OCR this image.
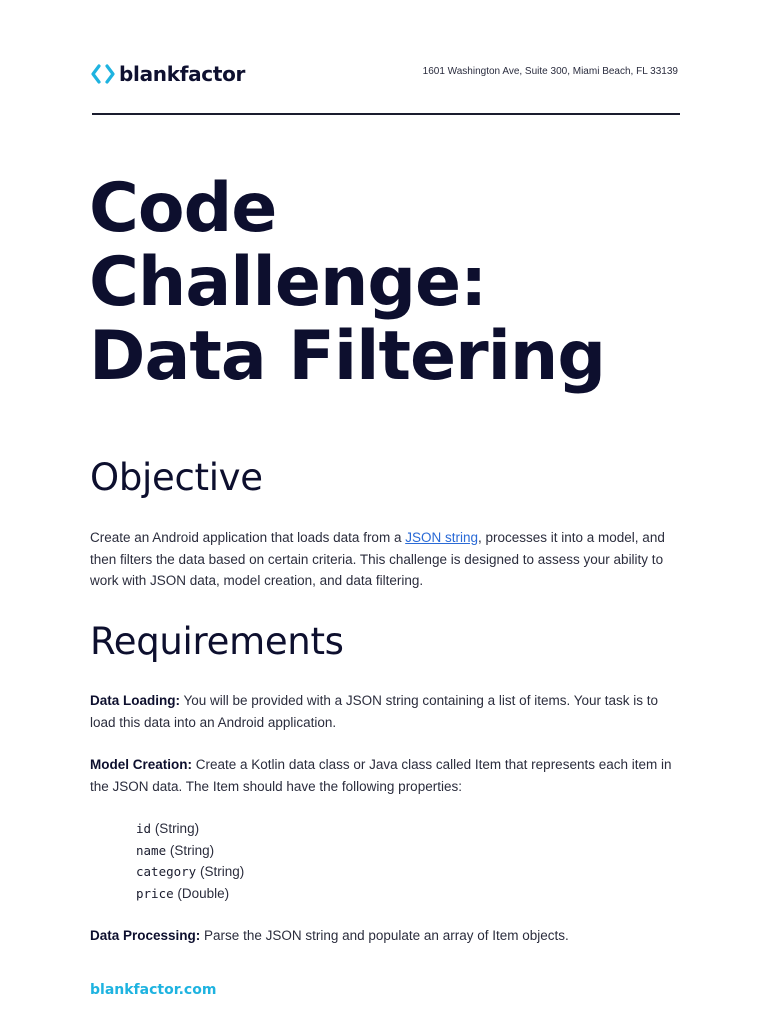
blankfactor	1601 Washington Ave, Suite 300, Miami Beach, FL 33139
Code
Challenge:
Data Filtering
Objective

Create an Android application that loads data from a JSON string, processes it into a model, and then filters the data based on certain criteria. This challenge is designed to assess your ability to work with JSON data, model creation, and data filtering.

Requirements

Data Loading: You will be provided with a JSON string containing a list of items. Your task is to load this data into an Android application.

Model Creation: Create a Kotlin data class or Java class called Item that represents each item in the JSON data. The Item should have the following properties:

id (String)
name (String)
category (String)
price (Double)

Data Processing: Parse the JSON string and populate an array of Item objects.

blankfactor.com
